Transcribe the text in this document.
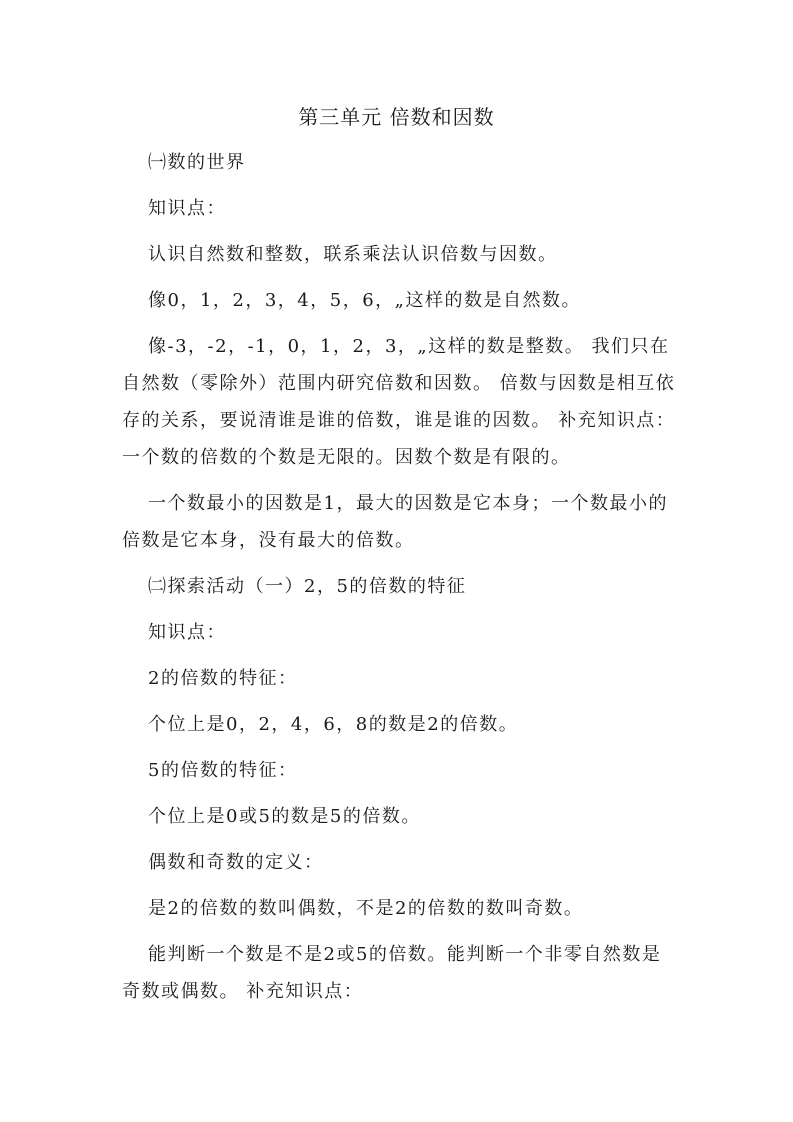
第三单元 倍数和因数

㈠数的世界

知识点：

认识自然数和整数，联系乘法认识倍数与因数。

像0，1，2，3，4，5，6，„这样的数是自然数。

像-3，-2，-1，0，1，2，3，„这样的数是整数。 我们只在自然数（零除外）范围内研究倍数和因数。 倍数与因数是相互依存的关系，要说清谁是谁的倍数，谁是谁的因数。 补充知识点：一个数的倍数的个数是无限的。因数个数是有限的。

一个数最小的因数是1，最大的因数是它本身；一个数最小的倍数是它本身，没有最大的倍数。

㈡探索活动（一）2，5的倍数的特征

知识点：

2的倍数的特征：

个位上是0，2，4，6，8的数是2的倍数。

5的倍数的特征：

个位上是0或5的数是5的倍数。

偶数和奇数的定义：

是2的倍数的数叫偶数，不是2的倍数的数叫奇数。

能判断一个数是不是2或5的倍数。能判断一个非零自然数是奇数或偶数。 补充知识点：
